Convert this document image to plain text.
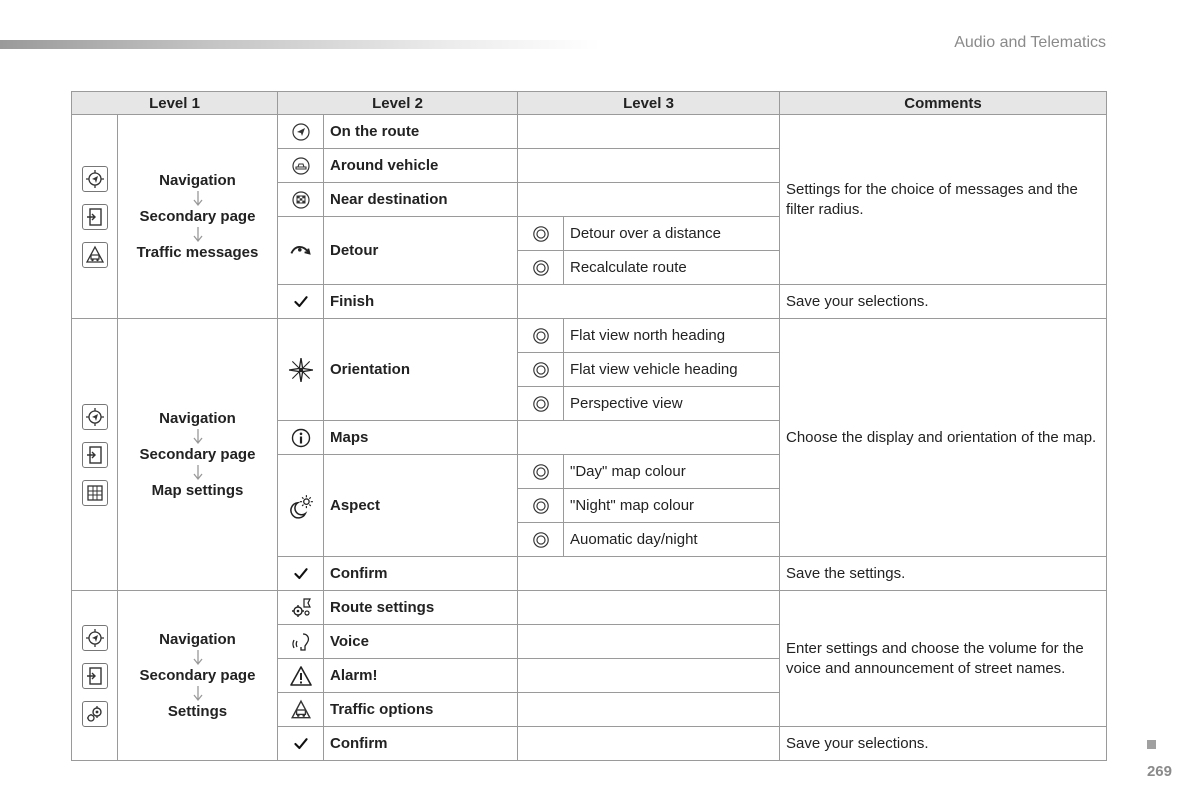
Audio and Telematics
Level 1		Level 2		Level 3		Comments

Navigation
Secondary page
Traffic messages		On the route			Settings for the choice of messages and the filter radius.

	Around vehicle			

	Near destination			

	Detour		Detour over a distance	

	Recalculate route	

	Finish			Save your selections.

Navigation
Secondary page
Map settings		Orientation		Flat view north heading	Choose the display and orientation of the map.

	Flat view vehicle heading	

	Perspective view	

	Maps			

	Aspect		"Day" map colour	

	"Night" map colour	

	Auomatic day/night	

	Confirm			Save the settings.

Navigation
Secondary page
Settings		Route settings			Enter settings and choose the volume for the voice and announcement of street names.

	Voice			

	Alarm!			

	Traffic options			

	Confirm			Save your selections.
269
